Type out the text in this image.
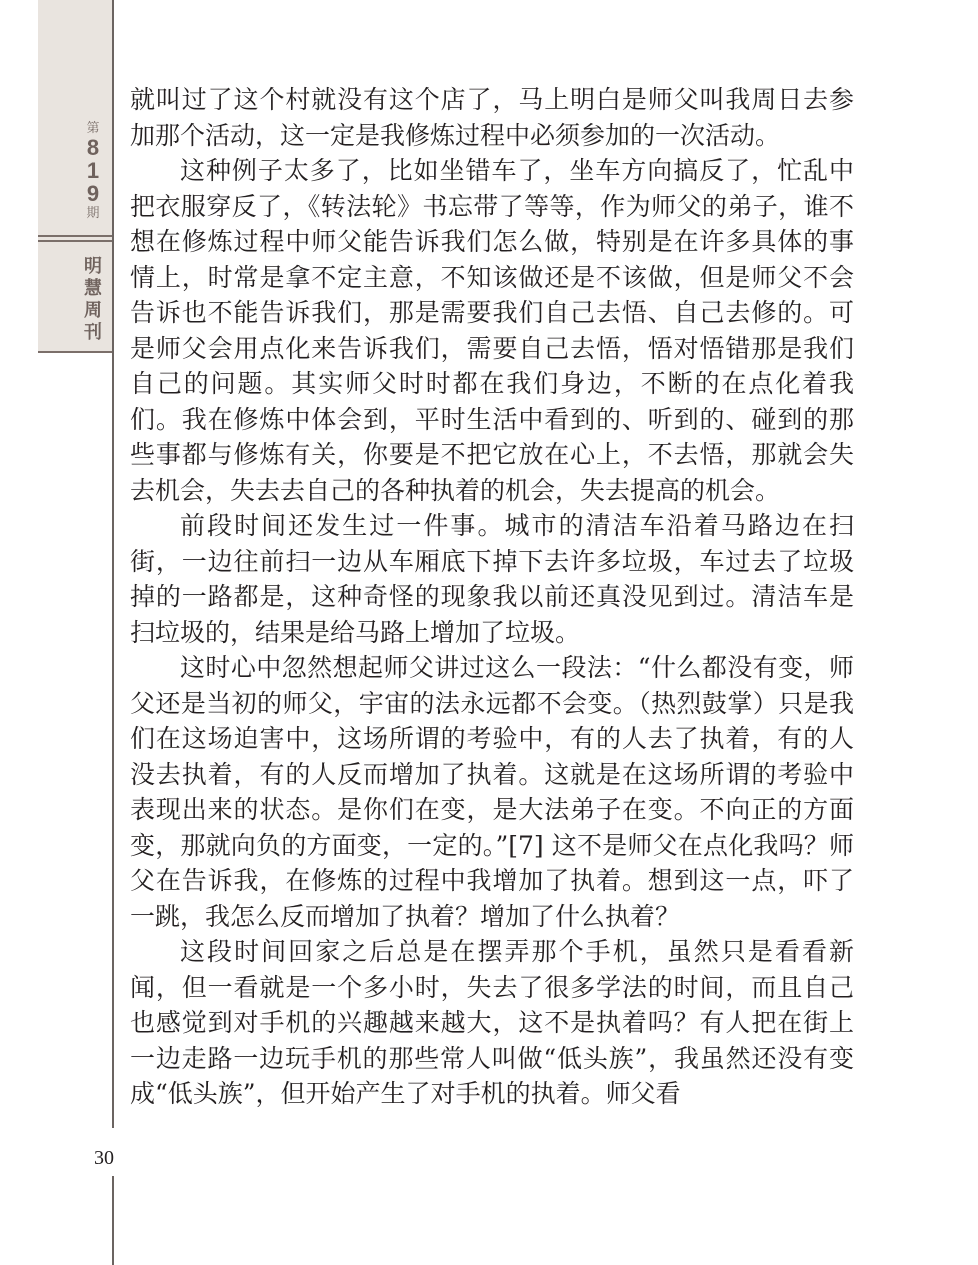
第
8
1
9
期
明
慧
周
刊

就叫过了这个村就没有这个店了，马上明白是师父叫我周日去参加那个活动，这一定是我修炼过程中必须参加的一次活动。

这种例子太多了，比如坐错车了，坐车方向搞反了，忙乱中把衣服穿反了，《转法轮》书忘带了等等，作为师父的弟子，谁不想在修炼过程中师父能告诉我们怎么做，特别是在许多具体的事情上，时常是拿不定主意，不知该做还是不该做，但是师父不会告诉也不能告诉我们，那是需要我们自己去悟、自己去修的。可是师父会用点化来告诉我们，需要自己去悟，悟对悟错那是我们自己的问题。其实师父时时都在我们身边，不断的在点化着我们。我在修炼中体会到，平时生活中看到的、听到的、碰到的那些事都与修炼有关，你要是不把它放在心上，不去悟，那就会失去机会，失去去自己的各种执着的机会，失去提高的机会。

前段时间还发生过一件事。城市的清洁车沿着马路边在扫街，一边往前扫一边从车厢底下掉下去许多垃圾，车过去了垃圾掉的一路都是，这种奇怪的现象我以前还真没见到过。清洁车是扫垃圾的，结果是给马路上增加了垃圾。

这时心中忽然想起师父讲过这么一段法：“什么都没有变，师父还是当初的师父，宇宙的法永远都不会变。（热烈鼓掌）只是我们在这场迫害中，这场所谓的考验中，有的人去了执着，有的人没去执着，有的人反而增加了执着。这就是在这场所谓的考验中表现出来的状态。是你们在变，是大法弟子在变。不向正的方面变，那就向负的方面变，一定的。”[7] 这不是师父在点化我吗？师父在告诉我，在修炼的过程中我增加了执着。想到这一点，吓了一跳，我怎么反而增加了执着？增加了什么执着？

这段时间回家之后总是在摆弄那个手机，虽然只是看看新闻，但一看就是一个多小时，失去了很多学法的时间，而且自己也感觉到对手机的兴趣越来越大，这不是执着吗？有人把在街上一边走路一边玩手机的那些常人叫做“低头族”，我虽然还没有变成“低头族”，但开始产生了对手机的执着。师父看

30
